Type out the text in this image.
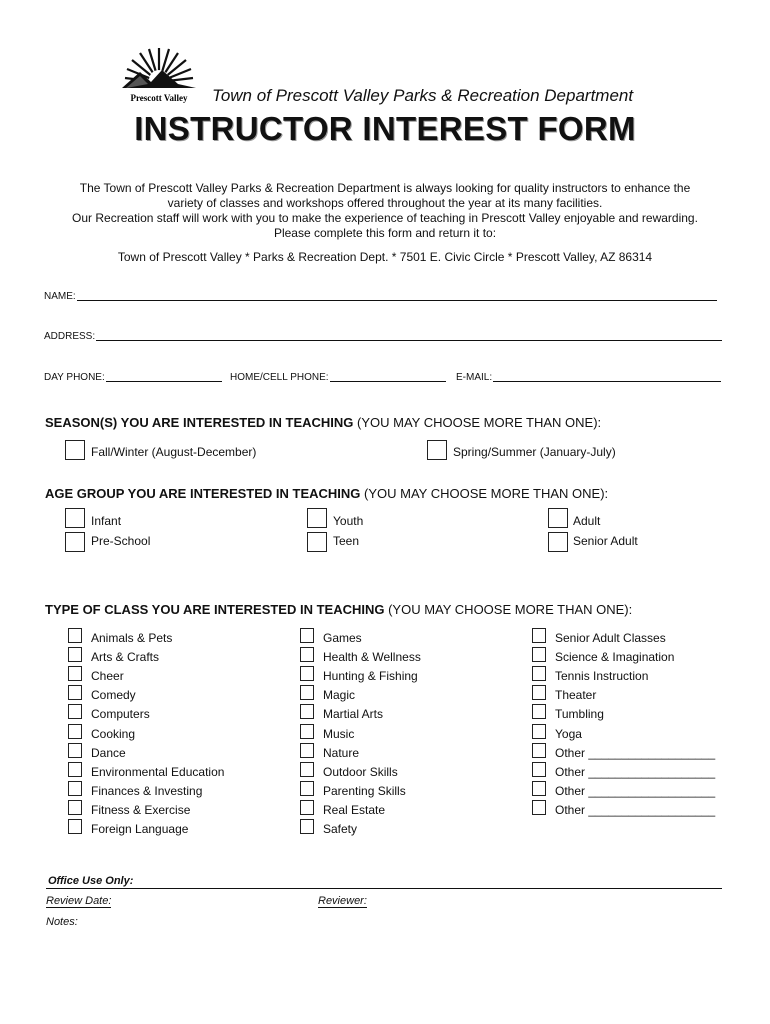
Prescott Valley Town of Prescott Valley Parks & Recreation Department
INSTRUCTOR INTEREST FORM
The Town of Prescott Valley Parks & Recreation Department is always looking for quality instructors to enhance the
variety of classes and workshops offered throughout the year at its many facilities.
Our Recreation staff will work with you to make the experience of teaching in Prescott Valley enjoyable and rewarding.
Please complete this form and return it to:
Town of Prescott Valley * Parks & Recreation Dept. * 7501 E. Civic Circle * Prescott Valley, AZ 86314
NAME:
ADDRESS:
DAY PHONE:	HOME/CELL PHONE:	E-MAIL:
SEASON(S) YOU ARE INTERESTED IN TEACHING (YOU MAY CHOOSE MORE THAN ONE):
Fall/Winter (August-December)	Spring/Summer (January-July)
AGE GROUP YOU ARE INTERESTED IN TEACHING (YOU MAY CHOOSE MORE THAN ONE):
Infant
Pre-School
Youth
Teen
Adult
Senior Adult
TYPE OF CLASS YOU ARE INTERESTED IN TEACHING (YOU MAY CHOOSE MORE THAN ONE):
Animals & Pets
Arts & Crafts
Cheer
Comedy
Computers
Cooking
Dance
Environmental Education
Finances & Investing
Fitness & Exercise
Foreign Language
Games
Health & Wellness
Hunting & Fishing
Magic
Martial Arts
Music
Nature
Outdoor Skills
Parenting Skills
Real Estate
Safety
Senior Adult Classes
Science & Imagination
Tennis Instruction
Theater
Tumbling
Yoga
Other ___________________
Other ___________________
Other ___________________
Other ___________________
Office Use Only:
Review Date:	Reviewer:
Notes:
